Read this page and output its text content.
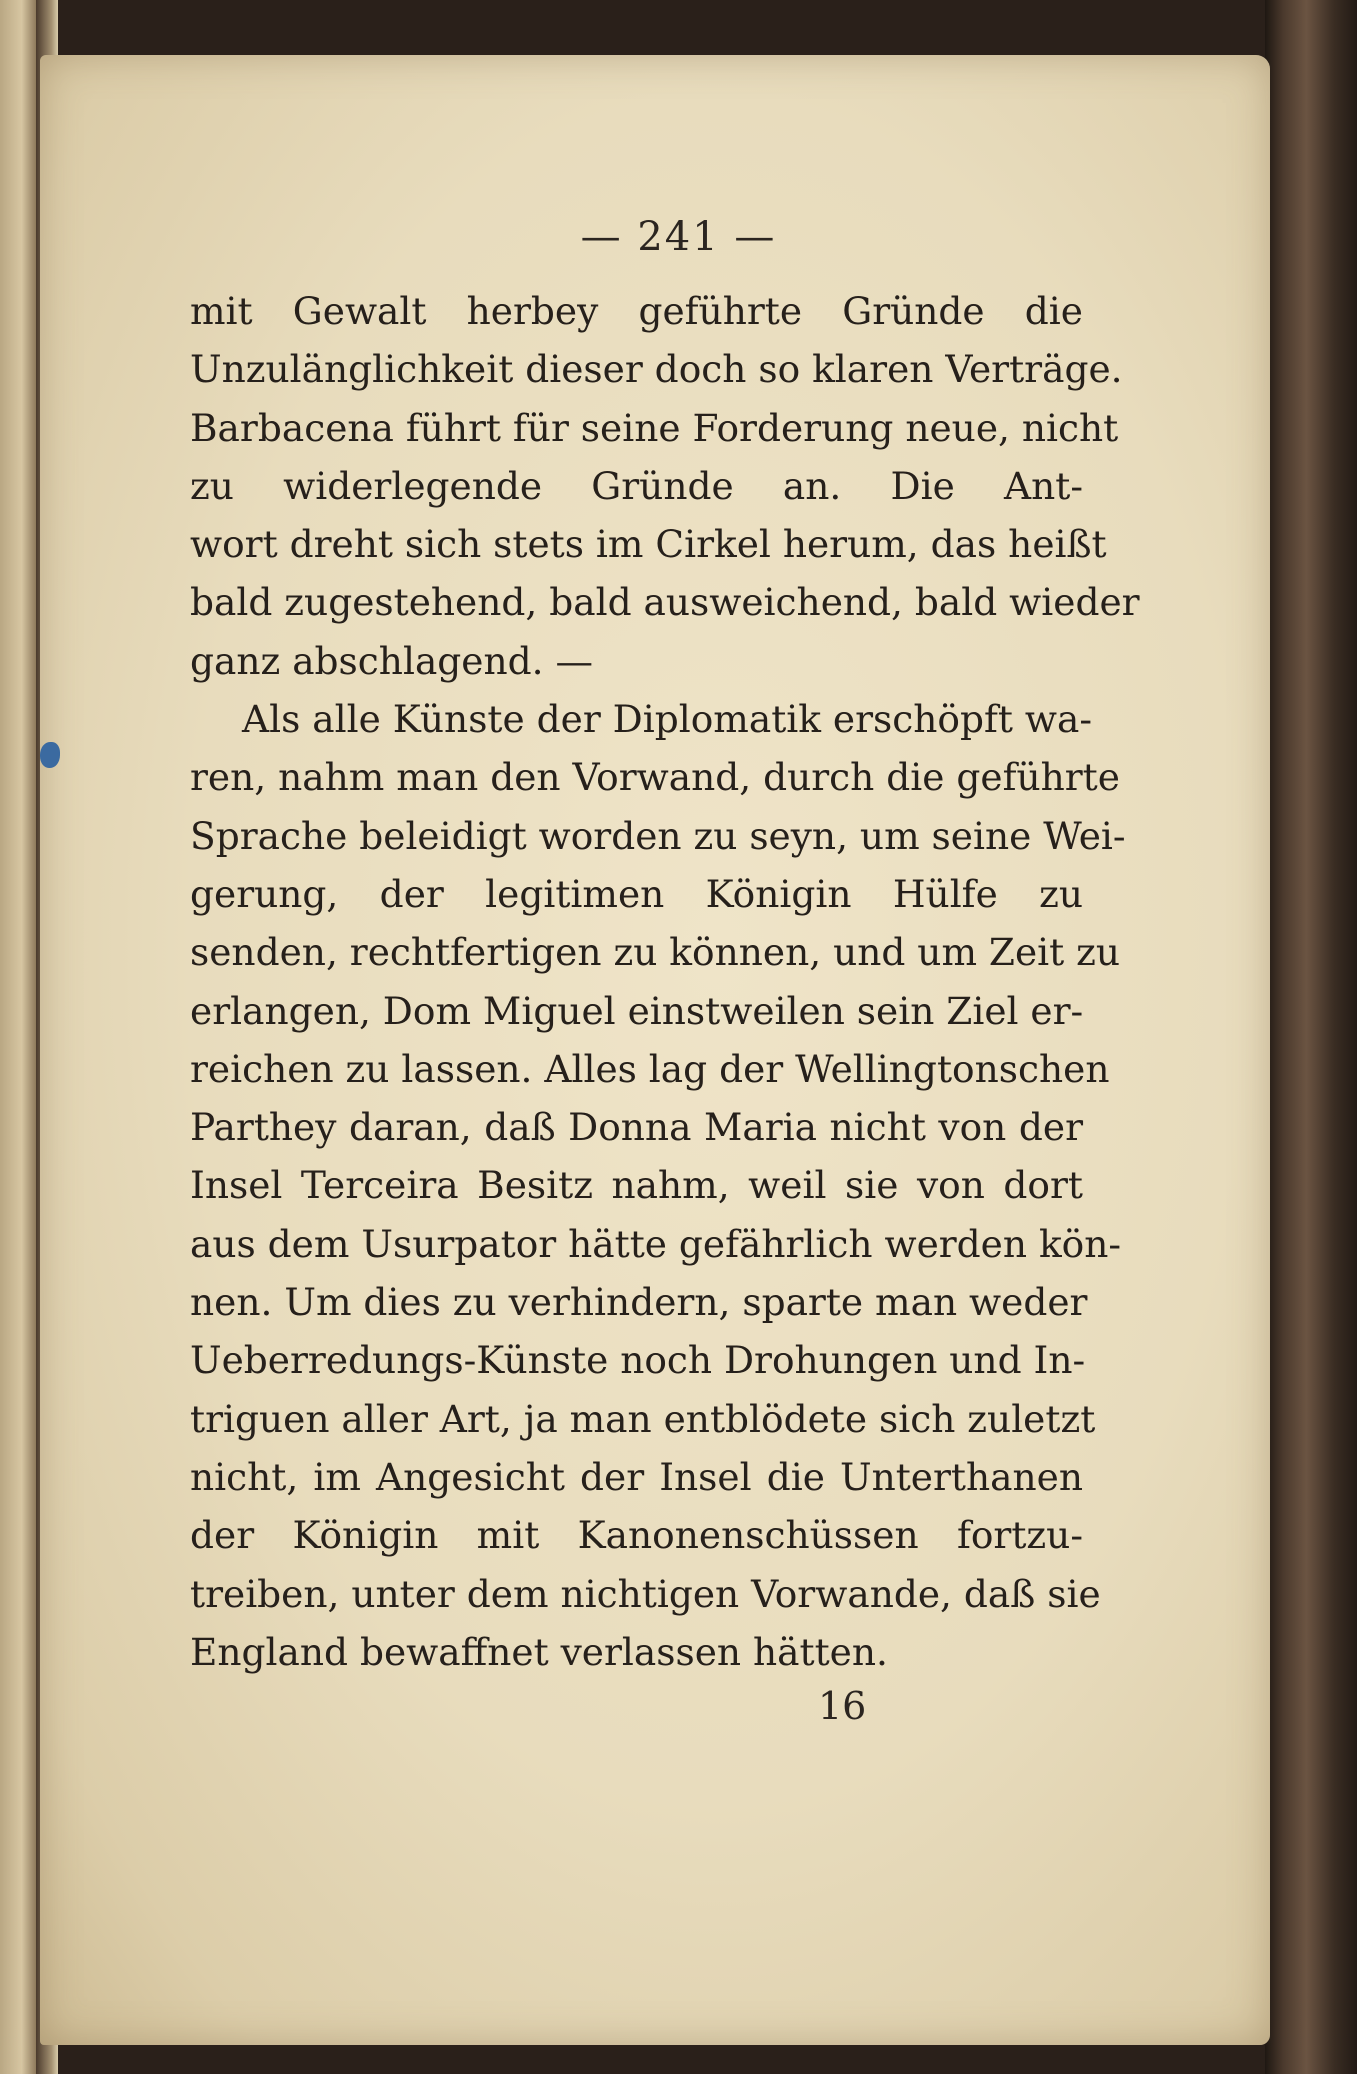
— 241 —
mit Gewalt herbey geführte Gründe die
Unzulänglichkeit dieser doch so klaren Verträge.
Barbacena führt für seine Forderung neue, nicht
zu widerlegende Gründe an. Die Ant-
wort dreht sich stets im Cirkel herum, das heißt
bald zugestehend, bald ausweichend, bald wieder
ganz abschlagend. —
Als alle Künste der Diplomatik erschöpft wa-
ren, nahm man den Vorwand, durch die geführte
Sprache beleidigt worden zu seyn, um seine Wei-
gerung, der legitimen Königin Hülfe zu
senden, rechtfertigen zu können, und um Zeit zu
erlangen, Dom Miguel einstweilen sein Ziel er-
reichen zu lassen. Alles lag der Wellingtonschen
Parthey daran, daß Donna Maria nicht von der
Insel Terceira Besitz nahm, weil sie von dort
aus dem Usurpator hätte gefährlich werden kön-
nen. Um dies zu verhindern, sparte man weder
Ueberredungs-Künste noch Drohungen und In-
triguen aller Art, ja man entblödete sich zuletzt
nicht, im Angesicht der Insel die Unterthanen
der Königin mit Kanonenschüssen fortzu-
treiben, unter dem nichtigen Vorwande, daß sie
England bewaffnet verlassen hätten.
16
